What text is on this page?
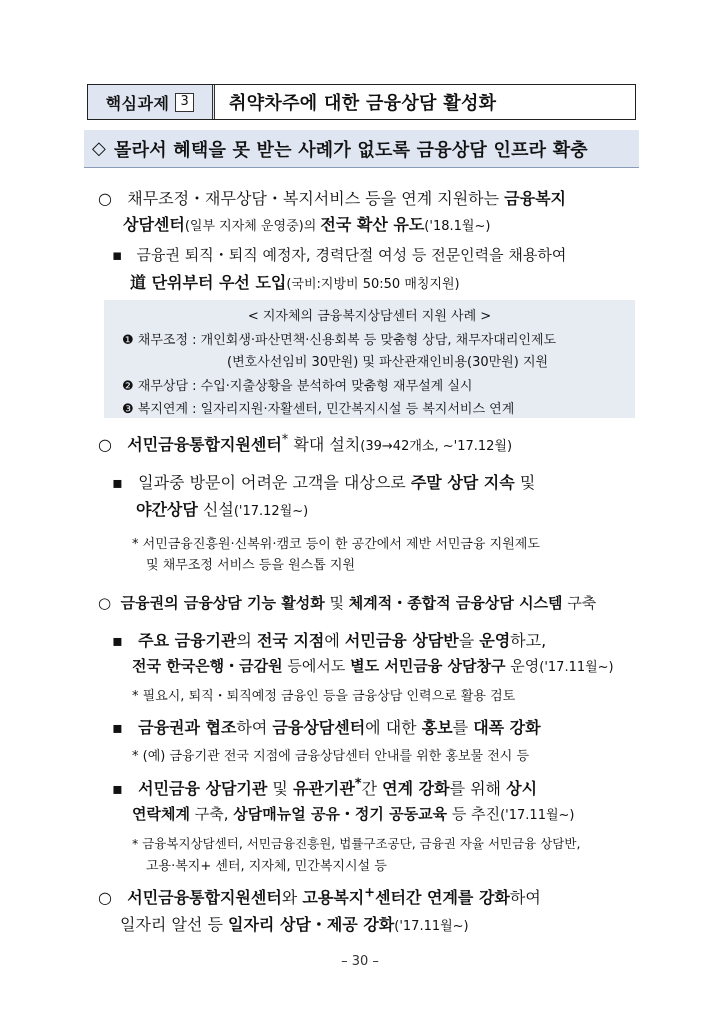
핵심과제 3	취약차주에 대한 금융상담 활성화
◇ 몰라서 혜택을 못 받는 사례가 없도록 금융상담 인프라 확충
○ 채무조정・재무상담・복지서비스 등을 연계 지원하는 금융복지
상담센터(일부 지자체 운영중)의 전국 확산 유도('18.1월~)
▪ 금융권 퇴직・퇴직 예정자, 경력단절 여성 등 전문인력을 채용하여
道 단위부터 우선 도입(국비:지방비 50:50 매칭지원)
< 지자체의 금융복지상담센터 지원 사례 >
❶ 채무조정 : 개인회생·파산면책·신용회복 등 맞춤형 상담, 채무자대리인제도
(변호사선임비 30만원) 및 파산관재인비용(30만원) 지원
❷ 재무상담 : 수입·지출상황을 분석하여 맞춤형 재무설계 실시
❸ 복지연계 : 일자리지원·자활센터, 민간복지시설 등 복지서비스 연계
○ 서민금융통합지원센터* 확대 설치(39→42개소, ~'17.12월)
▪ 일과중 방문이 어려운 고객을 대상으로 주말 상담 지속 및
야간상담 신설('17.12월~)
* 서민금융진흥원·신복위·캠코 등이 한 공간에서 제반 서민금융 지원제도
및 채무조정 서비스 등을 원스톱 지원
○ 금융권의 금융상담 기능 활성화 및 체계적・종합적 금융상담 시스템 구축
▪ 주요 금융기관의 전국 지점에 서민금융 상담반을 운영하고,
전국 한국은행・금감원 등에서도 별도 서민금융 상담창구 운영('17.11월~)
* 필요시, 퇴직・퇴직예정 금융인 등을 금융상담 인력으로 활용 검토
▪ 금융권과 협조하여 금융상담센터에 대한 홍보를 대폭 강화
* (예) 금융기관 전국 지점에 금융상담센터 안내를 위한 홍보물 전시 등
▪ 서민금융 상담기관 및 유관기관*간 연계 강화를 위해 상시
연락체계 구축, 상담매뉴얼 공유・정기 공동교육 등 추진('17.11월~)
* 금융복지상담센터, 서민금융진흥원, 법률구조공단, 금융권 자율 서민금융 상담반,
고용·복지+ 센터, 지자체, 민간복지시설 등
○ 서민금융통합지원센터와 고용복지+센터간 연계를 강화하여
일자리 알선 등 일자리 상담・제공 강화('17.11월~)
– 30 –
